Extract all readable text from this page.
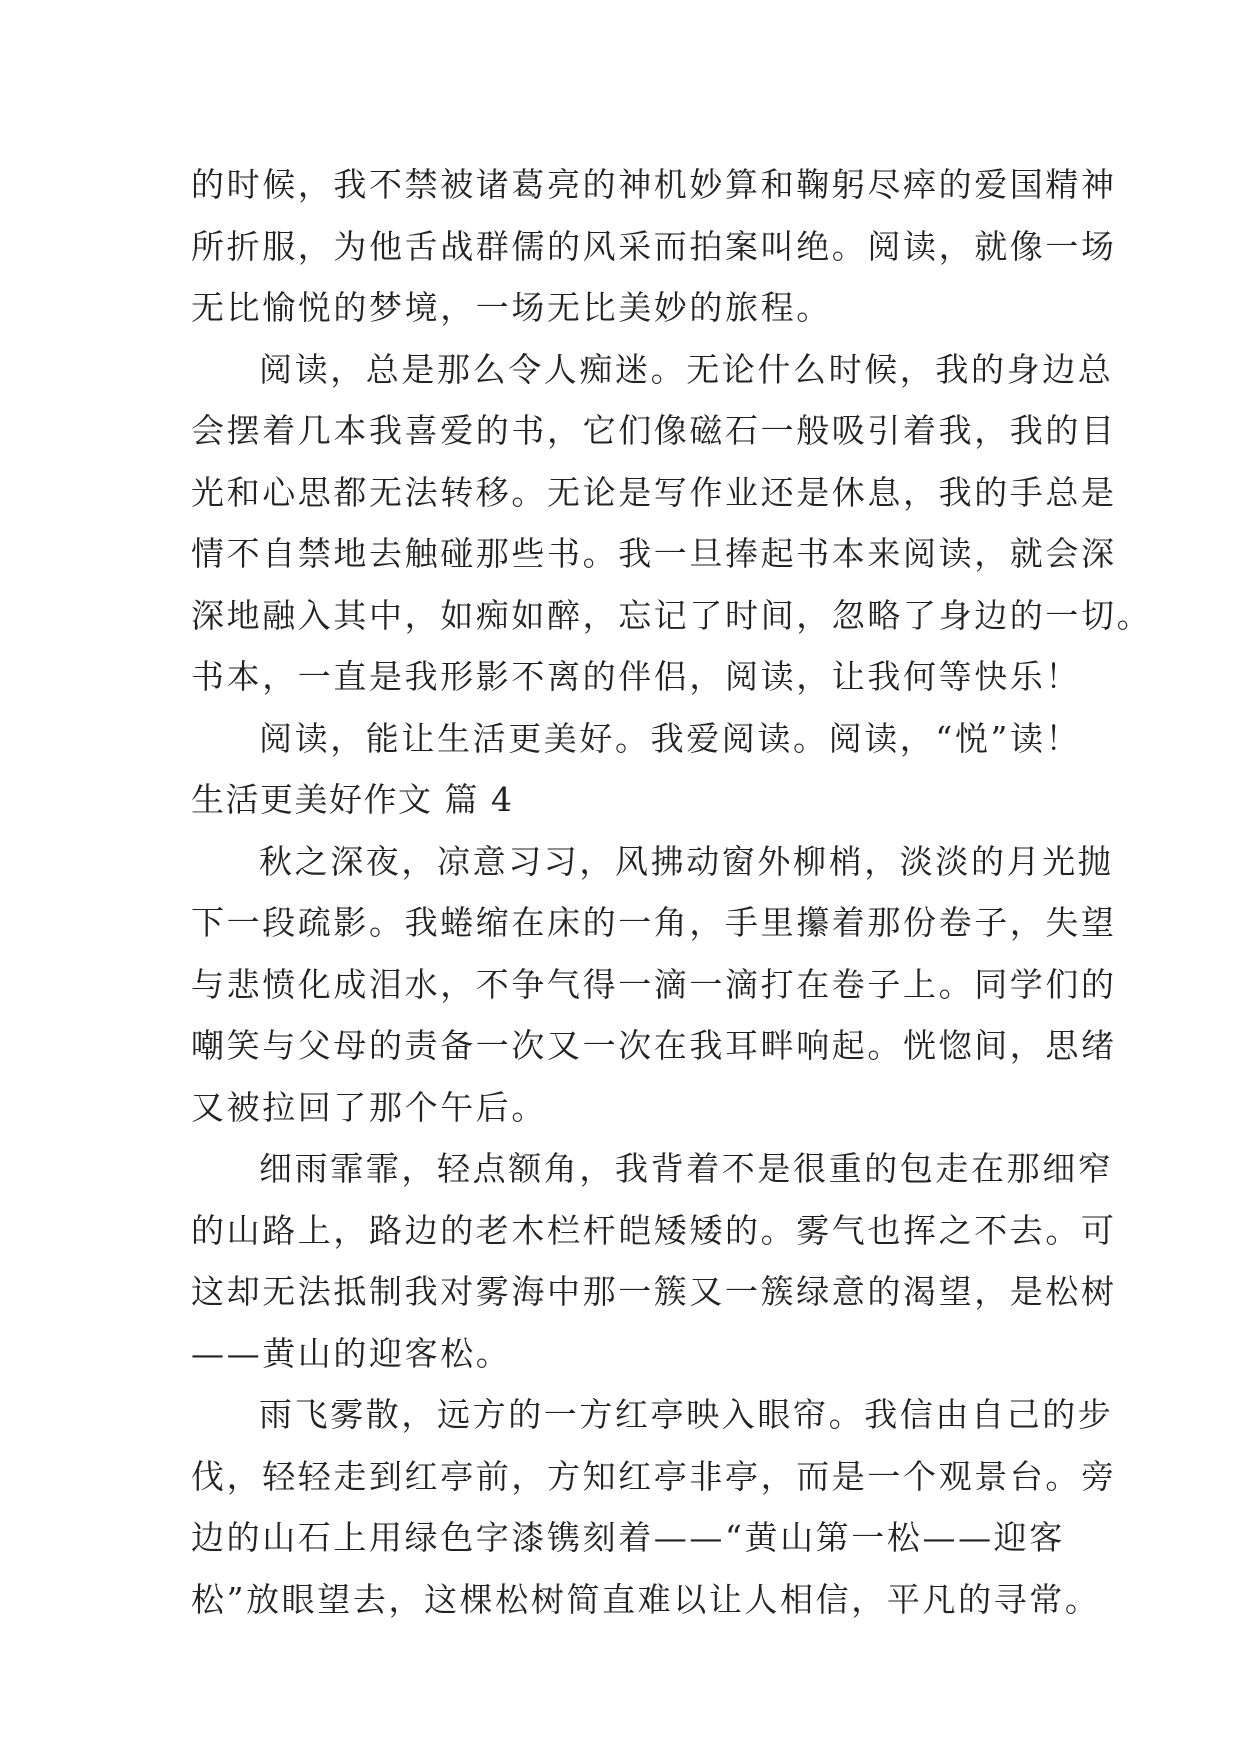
的时候，我不禁被诸葛亮的神机妙算和鞠躬尽瘁的爱国精神
所折服，为他舌战群儒的风采而拍案叫绝。阅读，就像一场
无比愉悦的梦境，一场无比美妙的旅程。
阅读，总是那么令人痴迷。无论什么时候，我的身边总
会摆着几本我喜爱的书，它们像磁石一般吸引着我，我的目
光和心思都无法转移。无论是写作业还是休息，我的手总是
情不自禁地去触碰那些书。我一旦捧起书本来阅读，就会深
深地融入其中，如痴如醉，忘记了时间，忽略了身边的一切。
书本，一直是我形影不离的伴侣，阅读，让我何等快乐！
阅读，能让生活更美好。我爱阅读。阅读，“悦”读！
生活更美好作文 篇 4
秋之深夜，凉意习习，风拂动窗外柳梢，淡淡的月光抛
下一段疏影。我蜷缩在床的一角，手里攥着那份卷子，失望
与悲愤化成泪水，不争气得一滴一滴打在卷子上。同学们的
嘲笑与父母的责备一次又一次在我耳畔响起。恍惚间，思绪
又被拉回了那个午后。
细雨霏霏，轻点额角，我背着不是很重的包走在那细窄
的山路上，路边的老木栏杆皑矮矮的。雾气也挥之不去。可
这却无法抵制我对雾海中那一簇又一簇绿意的渴望，是松树
——黄山的迎客松。
雨飞雾散，远方的一方红亭映入眼帘。我信由自己的步
伐，轻轻走到红亭前，方知红亭非亭，而是一个观景台。旁
边的山石上用绿色字漆镌刻着——“黄山第一松——迎客
松”放眼望去，这棵松树简直难以让人相信，平凡的寻常。
